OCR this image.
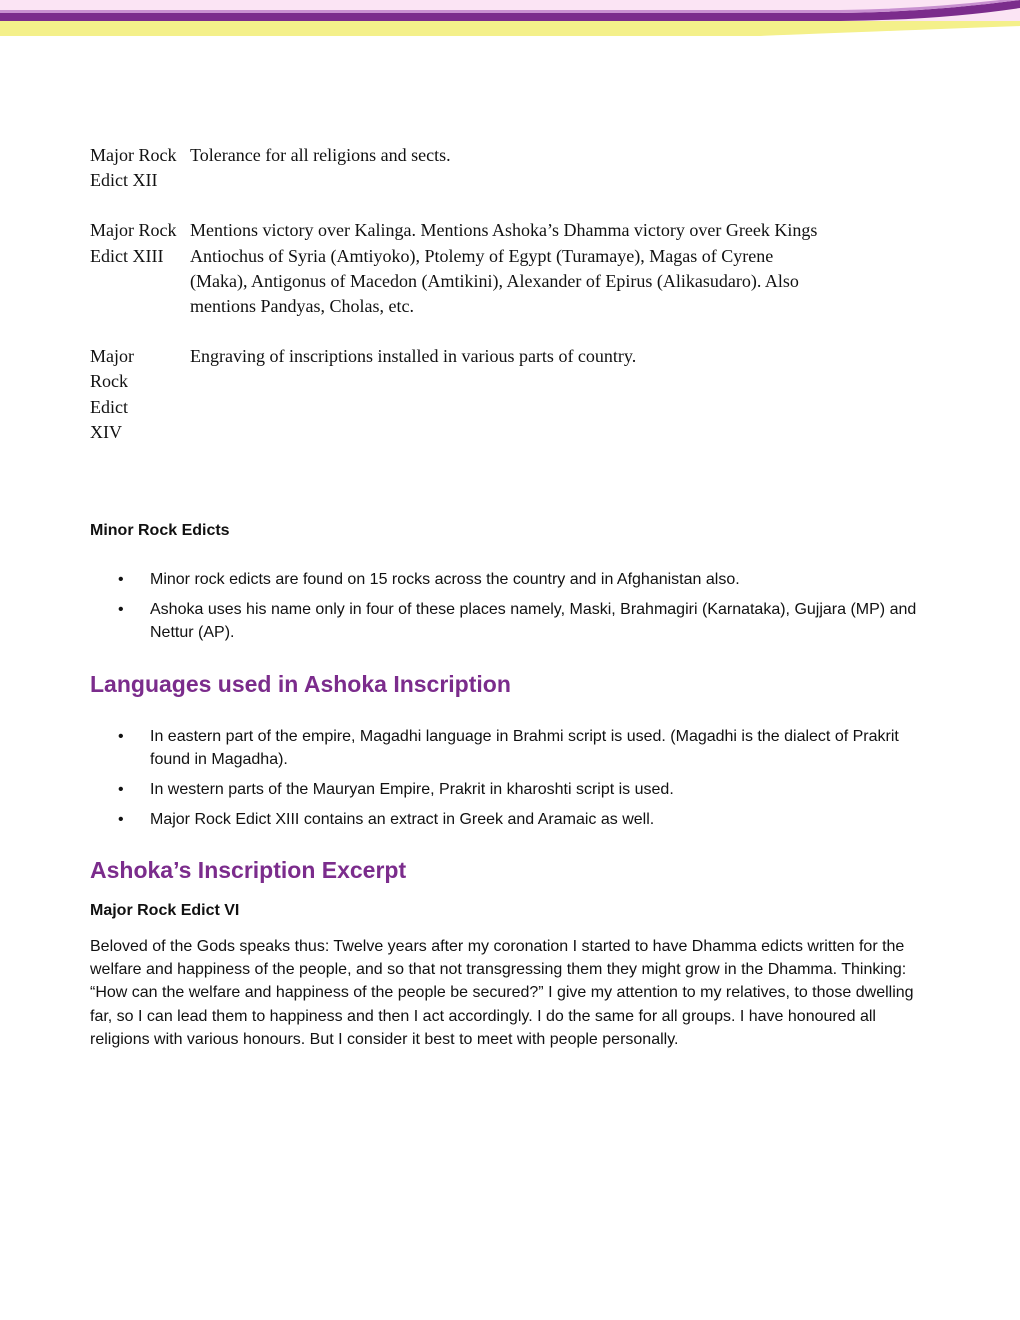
Major Rock Edict XII
Tolerance for all religions and sects.
Major Rock Edict XIII
Mentions victory over Kalinga. Mentions Ashoka’s Dhamma victory over Greek Kings Antiochus of Syria (Amtiyoko), Ptolemy of Egypt (Turamaye), Magas of Cyrene (Maka), Antigonus of Macedon (Amtikini), Alexander of Epirus (Alikasudaro). Also mentions Pandyas, Cholas, etc.
Major Rock Edict XIV
Engraving of inscriptions installed in various parts of country.
Minor Rock Edicts
• Minor rock edicts are found on 15 rocks across the country and in Afghanistan also.
• Ashoka uses his name only in four of these places namely, Maski, Brahmagiri (Karnataka), Gujjara (MP) and Nettur (AP).
Languages used in Ashoka Inscription
• In eastern part of the empire, Magadhi language in Brahmi script is used. (Magadhi is the dialect of Prakrit found in Magadha).
• In western parts of the Mauryan Empire, Prakrit in kharoshti script is used.
• Major Rock Edict XIII contains an extract in Greek and Aramaic as well.
Ashoka’s Inscription Excerpt
Major Rock Edict VI

Beloved of the Gods speaks thus: Twelve years after my coronation I started to have Dhamma edicts written for the welfare and happiness of the people, and so that not transgressing them they might grow in the Dhamma. Thinking: “How can the welfare and happiness of the people be secured?” I give my attention to my relatives, to those dwelling far, so I can lead them to happiness and then I act accordingly. I do the same for all groups. I have honoured all religions with various honours. But I consider it best to meet with people personally.
